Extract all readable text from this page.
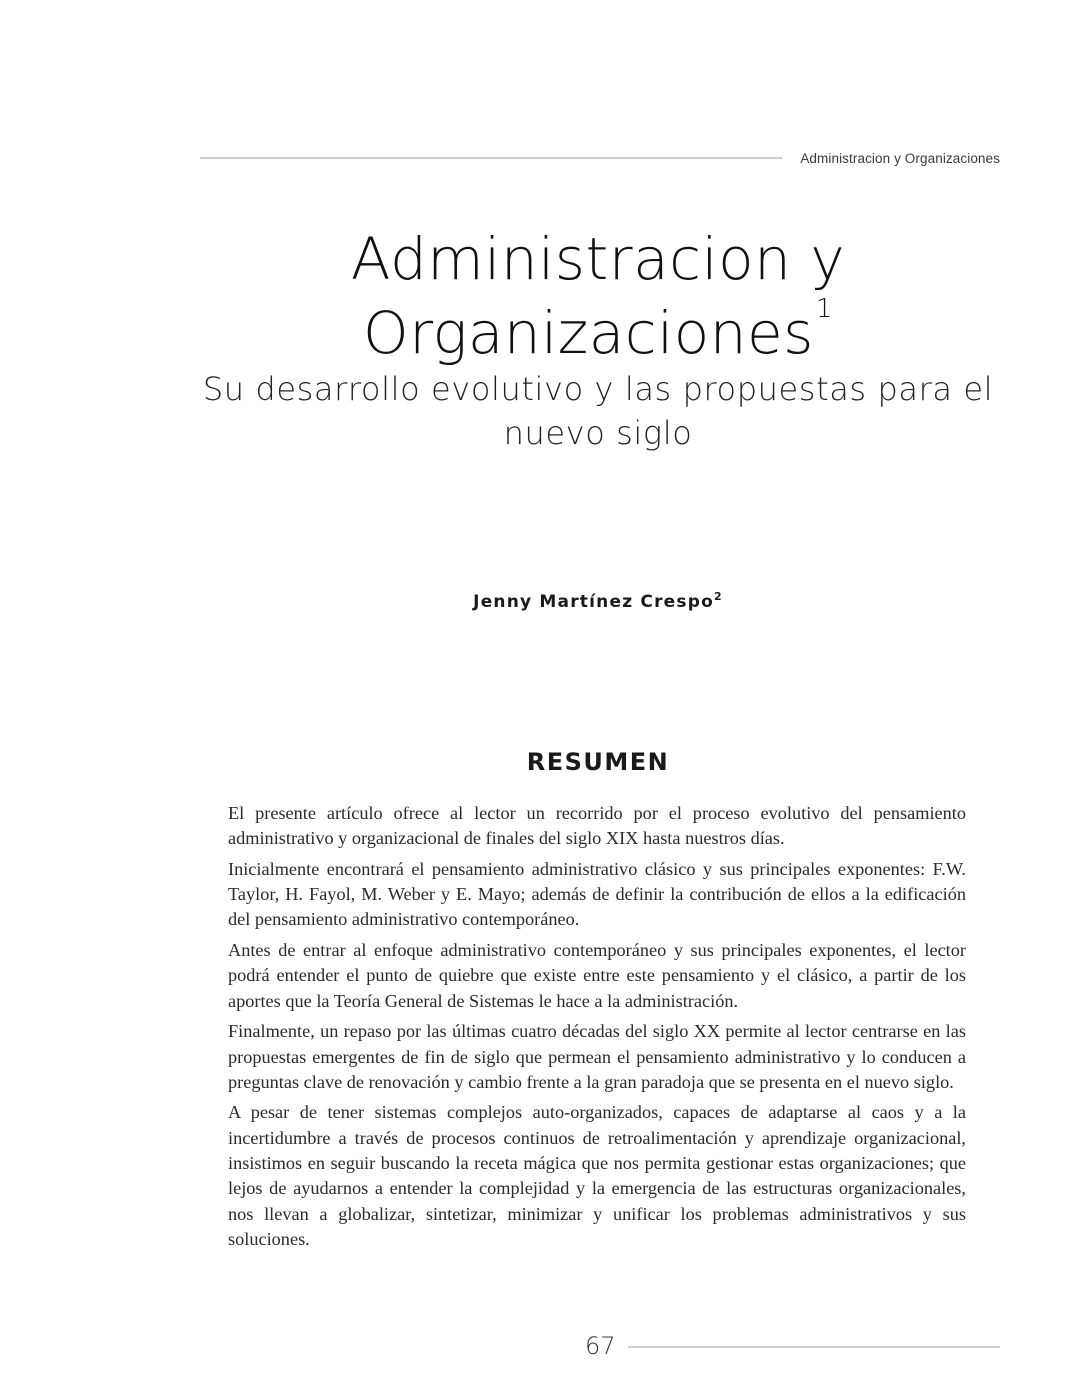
Administracion y Organizaciones
Administracion y
Organizaciones$^1$
Su desarrollo evolutivo y las propuestas para el
nuevo siglo
Jenny Martínez Crespo$^2$
RESUMEN

El presente artículo ofrece al lector un recorrido por el proceso evolutivo del pensamiento administrativo y organizacional de finales del siglo XIX hasta nuestros días.

Inicialmente encontrará el pensamiento administrativo clásico y sus principales exponentes: F.W. Taylor, H. Fayol, M. Weber y E. Mayo; además de definir la contribución de ellos a la edificación del pensamiento administrativo contemporáneo.

Antes de entrar al enfoque administrativo contemporáneo y sus principales exponentes, el lector podrá entender el punto de quiebre que existe entre este pensamiento y el clásico, a partir de los aportes que la Teoría General de Sistemas le hace a la administración.

Finalmente, un repaso por las últimas cuatro décadas del siglo XX permite al lector centrarse en las propuestas emergentes de fin de siglo que permean el pensamiento administrativo y lo conducen a preguntas clave de renovación y cambio frente a la gran paradoja que se presenta en el nuevo siglo.

A pesar de tener sistemas complejos auto-organizados, capaces de adaptarse al caos y a la incertidumbre a través de procesos continuos de retroalimentación y aprendizaje organizacional, insistimos en seguir buscando la receta mágica que nos permita gestionar estas organizaciones; que lejos de ayudarnos a entender la complejidad y la emergencia de las estructuras organizacionales, nos llevan a globalizar, sintetizar, minimizar y unificar los problemas administrativos y sus soluciones.

67
